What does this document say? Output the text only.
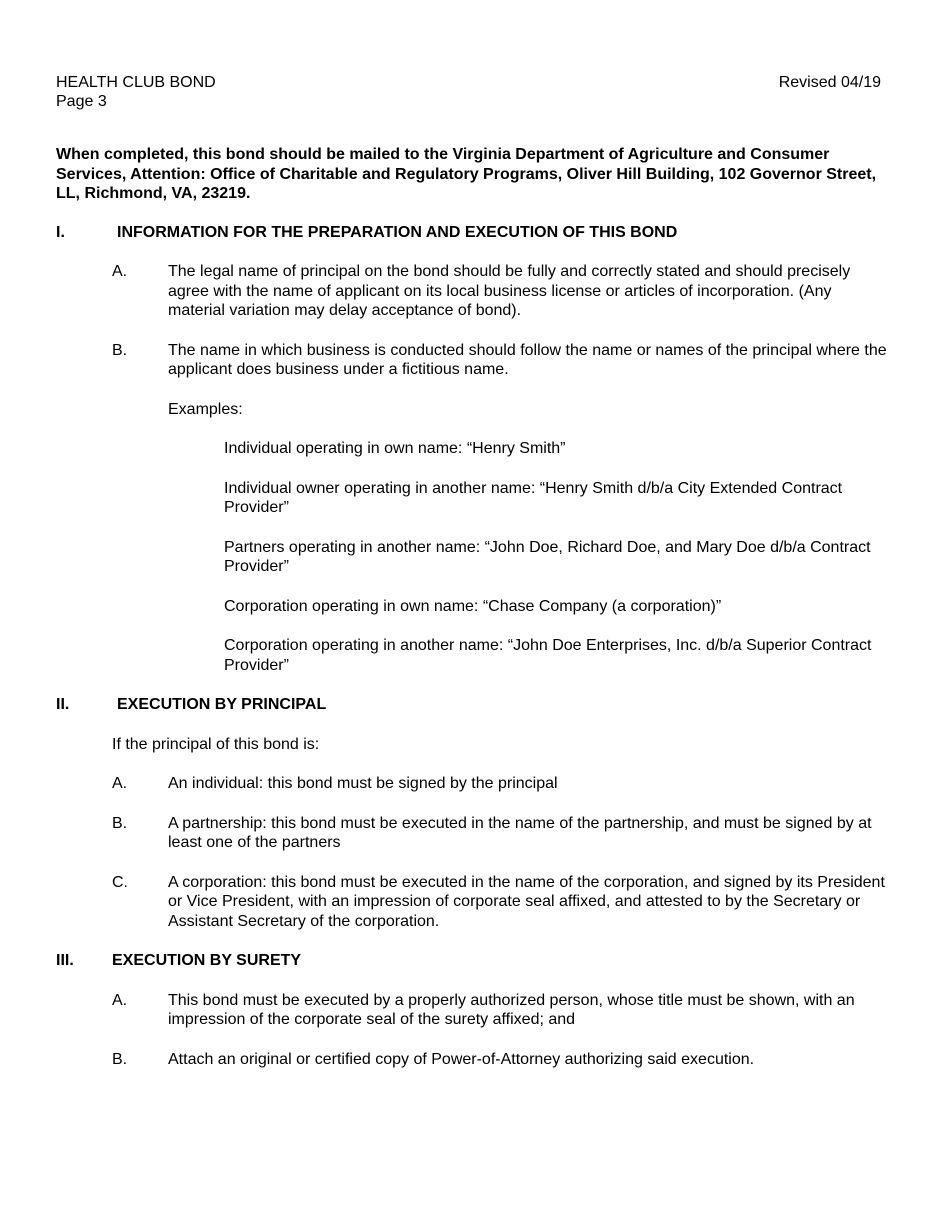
HEALTH CLUB BOND
Page 3
Revised 04/19

When completed, this bond should be mailed to the Virginia Department of Agriculture and Consumer Services, Attention: Office of Charitable and Regulatory Programs, Oliver Hill Building, 102 Governor Street, LL, Richmond, VA, 23219.

I.	INFORMATION FOR THE PREPARATION AND EXECUTION OF THIS BOND
A.	The legal name of principal on the bond should be fully and correctly stated and should precisely agree with the name of applicant on its local business license or articles of incorporation. (Any material variation may delay acceptance of bond).
B.	The name in which business is conducted should follow the name or names of the principal where the applicant does business under a fictitious name.
Examples:
Individual operating in own name: “Henry Smith”
Individual owner operating in another name: “Henry Smith d/b/a City Extended Contract Provider”
Partners operating in another name: “John Doe, Richard Doe, and Mary Doe d/b/a Contract Provider”
Corporation operating in own name: “Chase Company (a corporation)”
Corporation operating in another name: “John Doe Enterprises, Inc. d/b/a Superior Contract Provider”
II.	EXECUTION BY PRINCIPAL
If the principal of this bond is:
A.	An individual: this bond must be signed by the principal
B.	A partnership: this bond must be executed in the name of the partnership, and must be signed by at least one of the partners
C.	A corporation: this bond must be executed in the name of the corporation, and signed by its President or Vice President, with an impression of corporate seal affixed, and attested to by the Secretary or Assistant Secretary of the corporation.
III.	EXECUTION BY SURETY
A.	This bond must be executed by a properly authorized person, whose title must be shown, with an impression of the corporate seal of the surety affixed; and
B.	Attach an original or certified copy of Power-of-Attorney authorizing said execution.
